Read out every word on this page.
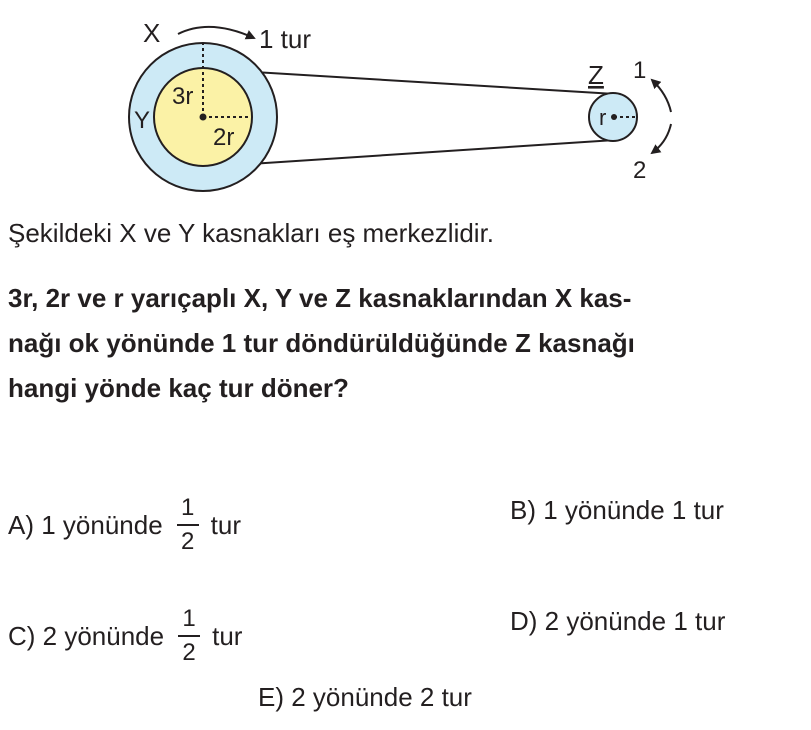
3r
2r
Y
X	1 tur
r
Z 1
2

Şekildeki X ve Y kasnakları eş merkezlidir.

3r, 2r ve r yarıçaplı X, Y ve Z kasnaklarından X kas-
nağı ok yönünde 1 tur döndürüldüğünde Z kasnağı
hangi yönde kaç tur döner?
A) 1 yönünde $\frac{1}{2}$ tur	B) 1 yönünde 1 tur
C) 2 yönünde $\frac{1}{2}$ tur	D) 2 yönünde 1 tur
E) 2 yönünde 2 tur
